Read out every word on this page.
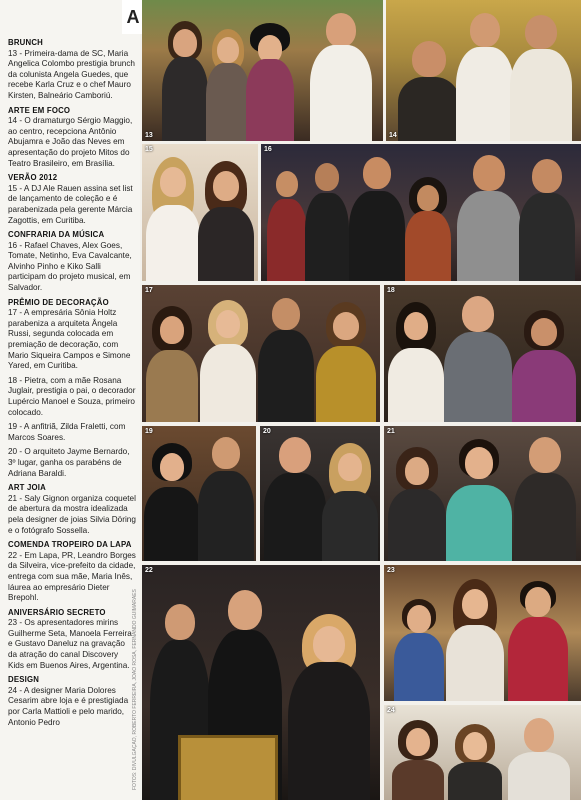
BRUNCH
13 - Primeira-dama de SC, Maria Angelica Colombo prestigia brunch da colunista Angela Guedes, que recebe Karla Cruz e o chef Mauro Kirsten, Balneário Camboriú.
ARTE EM FOCO
14 - O dramaturgo Sérgio Maggio, ao centro, recepciona Antônio Abujamra e João das Neves em apresentação do projeto Mitos do Teatro Brasileiro, em Brasília.
VERÃO 2012
15 - A DJ Ale Rauen assina set list de lançamento de coleção e é parabenizada pela gerente Márcia Zagottis, em Curitiba.
CONFRARIA DA MÚSICA
16 - Rafael Chaves, Alex Goes, Tomate, Netinho, Eva Cavalcante, Alvinho Pinho e Kiko Salli participam do projeto musical, em Salvador.
PRÊMIO DE DECORAÇÃO
17 - A empresária Sônia Holtz parabeniza a arquiteta Ângela Russi, segunda colocada em premiação de decoração, com Mario Siqueira Campos e Simone Yared, em Curitiba.
18 - Pietra, com a mãe Rosana Juglair, prestigia o pai, o decorador Lupércio Manoel e Souza, primeiro colocado.
19 - A anfitriã, Zilda Fraletti, com Marcos Soares.
20 - O arquiteto Jayme Bernardo, 3º lugar, ganha os parabéns de Adriana Baraldi.
ART JOIA
21 - Saly Gignon organiza coquetel de abertura da mostra idealizada pela designer de joias Silvia Döring e o fotógrafo Sossella.
COMENDA TROPEIRO DA LAPA
22 - Em Lapa, PR, Leandro Borges da Silveira, vice-prefeito da cidade, entrega com sua mãe, Maria Inês, láurea ao empresário Dieter Brepohl.
ANIVERSÁRIO SECRETO
23 - Os apresentadores mirins Guilherme Seta, Manoela Ferreira e Gustavo Daneluz na gravação da atração do canal Discovery Kids em Buenos Aires, Argentina.
DESIGN
24 - A designer Maria Dolores Cesarim abre loja e é prestigiada por Carla Mattioli e pelo marido, Antonio Pedro
A
FOTOS: DIVULGAÇÃO, ROBERTO FERREIRA, JOÃO ROSA, FERNANDO GUIMARÃES
13	14
15	16
17	18
19	20	21
22	23
24
